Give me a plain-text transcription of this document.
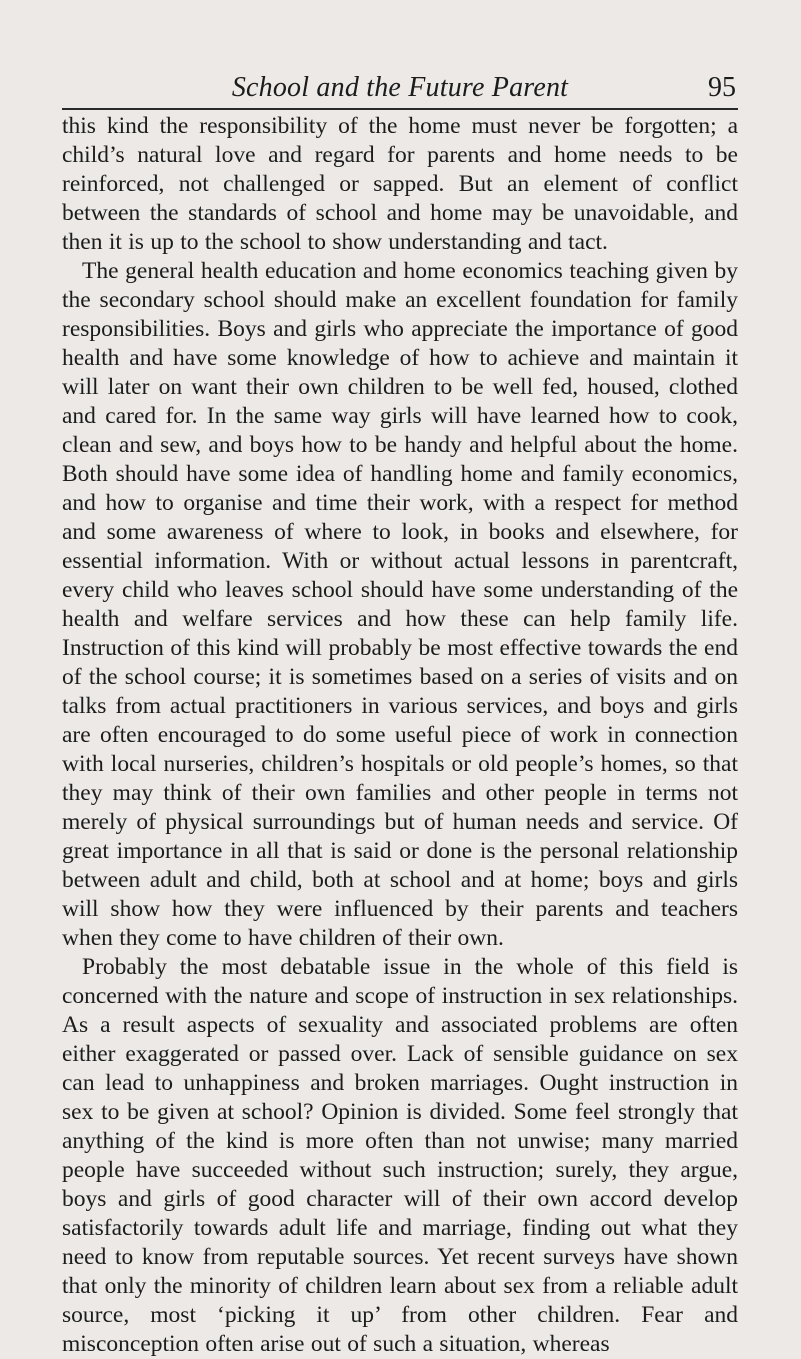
School and the Future Parent	95

this kind the responsibility of the home must never be forgotten; a child’s natural love and regard for parents and home needs to be reinforced, not challenged or sapped. But an element of conflict between the standards of school and home may be unavoidable, and then it is up to the school to show understanding and tact.

The general health education and home economics teaching given by the secondary school should make an excellent foundation for family responsibilities. Boys and girls who appreciate the importance of good health and have some knowledge of how to achieve and maintain it will later on want their own children to be well fed, housed, clothed and cared for. In the same way girls will have learned how to cook, clean and sew, and boys how to be handy and helpful about the home. Both should have some idea of handling home and family economics, and how to organise and time their work, with a respect for method and some awareness of where to look, in books and elsewhere, for essential information. With or without actual lessons in parentcraft, every child who leaves school should have some understanding of the health and welfare services and how these can help family life. Instruction of this kind will probably be most effective towards the end of the school course; it is sometimes based on a series of visits and on talks from actual practitioners in various services, and boys and girls are often encouraged to do some useful piece of work in connection with local nurseries, children’s hospitals or old people’s homes, so that they may think of their own families and other people in terms not merely of physical surroundings but of human needs and service. Of great importance in all that is said or done is the personal relationship between adult and child, both at school and at home; boys and girls will show how they were influenced by their parents and teachers when they come to have children of their own.

Probably the most debatable issue in the whole of this field is concerned with the nature and scope of instruction in sex relationships. As a result aspects of sexuality and associated problems are often either exaggerated or passed over. Lack of sensible guidance on sex can lead to unhappiness and broken marriages. Ought instruction in sex to be given at school? Opinion is divided. Some feel strongly that anything of the kind is more often than not unwise; many married people have succeeded without such instruction; surely, they argue, boys and girls of good character will of their own accord develop satisfactorily towards adult life and marriage, finding out what they need to know from reputable sources. Yet recent surveys have shown that only the minority of children learn about sex from a reliable adult source, most ‘picking it up’ from other children. Fear and misconception often arise out of such a situation, whereas
